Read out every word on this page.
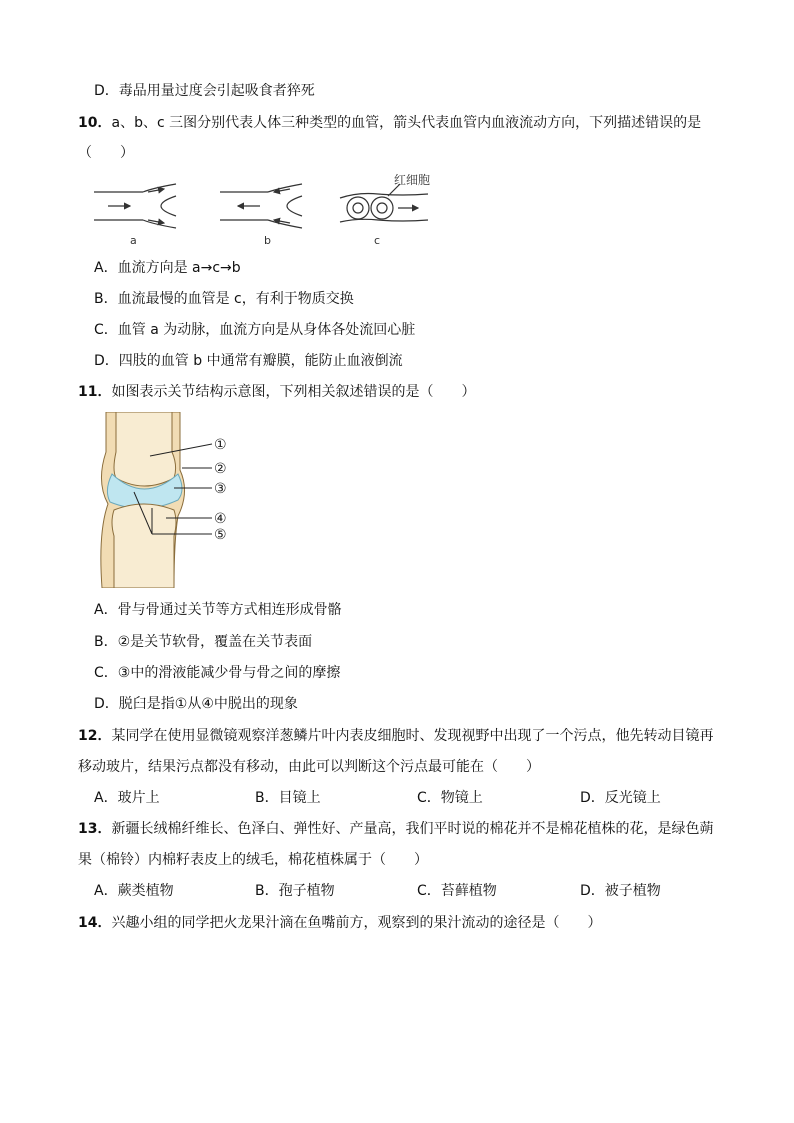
D．毒品用量过度会引起吸食者猝死
10．a、b、c 三图分别代表人体三种类型的血管，箭头代表血管内血液流动方向，下列描述错误的是
（　　）
a	b	c
红细胞
A．血流方向是 a→c→b
B．血流最慢的血管是 c，有利于物质交换
C．血管 a 为动脉，血流方向是从身体各处流回心脏
D．四肢的血管 b 中通常有瓣膜，能防止血液倒流
11．如图表示关节结构示意图，下列相关叙述错误的是（　　）
①
②
③
④
⑤
A．骨与骨通过关节等方式相连形成骨骼
B．②是关节软骨，覆盖在关节表面
C．③中的滑液能减少骨与骨之间的摩擦
D．脱臼是指①从④中脱出的现象
12．某同学在使用显微镜观察洋葱鳞片叶内表皮细胞时、发现视野中出现了一个污点，他先转动目镜再
移动玻片，结果污点都没有移动，由此可以判断这个污点最可能在（　　）
A．玻片上	B．目镜上	C．物镜上	D．反光镜上
13．新疆长绒棉纤维长、色泽白、弹性好、产量高，我们平时说的棉花并不是棉花植株的花，是绿色蒴
果（棉铃）内棉籽表皮上的绒毛，棉花植株属于（　　）
A．蕨类植物	B．孢子植物	C．苔藓植物	D．被子植物
14．兴趣小组的同学把火龙果汁滴在鱼嘴前方，观察到的果汁流动的途径是（　　）
